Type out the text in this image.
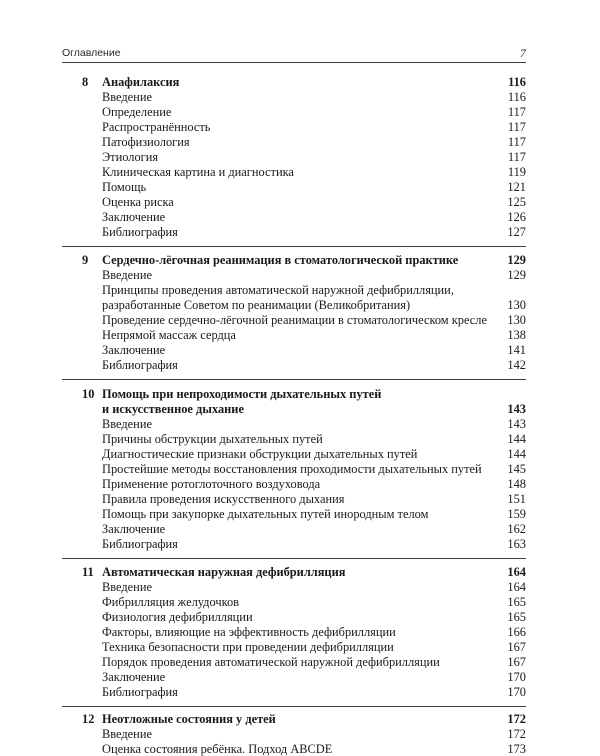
Оглавление	7
8 Анафилаксия	116
Введение	116
Определение	117
Распространённость	117
Патофизиология	117
Этиология	117
Клиническая картина и диагностика	119
Помощь	121
Оценка риска	125
Заключение	126
Библиография	127
9 Сердечно-лёгочная реанимация в стоматологической практике	129
Введение	129
Принципы проведения автоматической наружной дефибрилляции,
разработанные Советом по реанимации (Великобритания)	130
Проведение сердечно-лёгочной реанимации в стоматологическом кресле 130
Непрямой массаж сердца	138
Заключение	141
Библиография	142
10 Помощь при непроходимости дыхательных путей
и искусственное дыхание	143
Введение	143
Причины обструкции дыхательных путей	144
Диагностические признаки обструкции дыхательных путей	144
Простейшие методы восстановления проходимости дыхательных путей 145
Применение ротоглоточного воздуховода	148
Правила проведения искусственного дыхания	151
Помощь при закупорке дыхательных путей инородным телом	159
Заключение	162
Библиография	163
11 Автоматическая наружная дефибрилляция	164
Введение	164
Фибрилляция желудочков	165
Физиология дефибрилляции	165
Факторы, влияющие на эффективность дефибрилляции	166
Техника безопасности при проведении дефибрилляции	167
Порядок проведения автоматической наружной дефибрилляции	167
Заключение	170
Библиография	170
12 Неотложные состояния у детей	172
Введение	172
Оценка состояния ребёнка. Подход ABCDE	173
